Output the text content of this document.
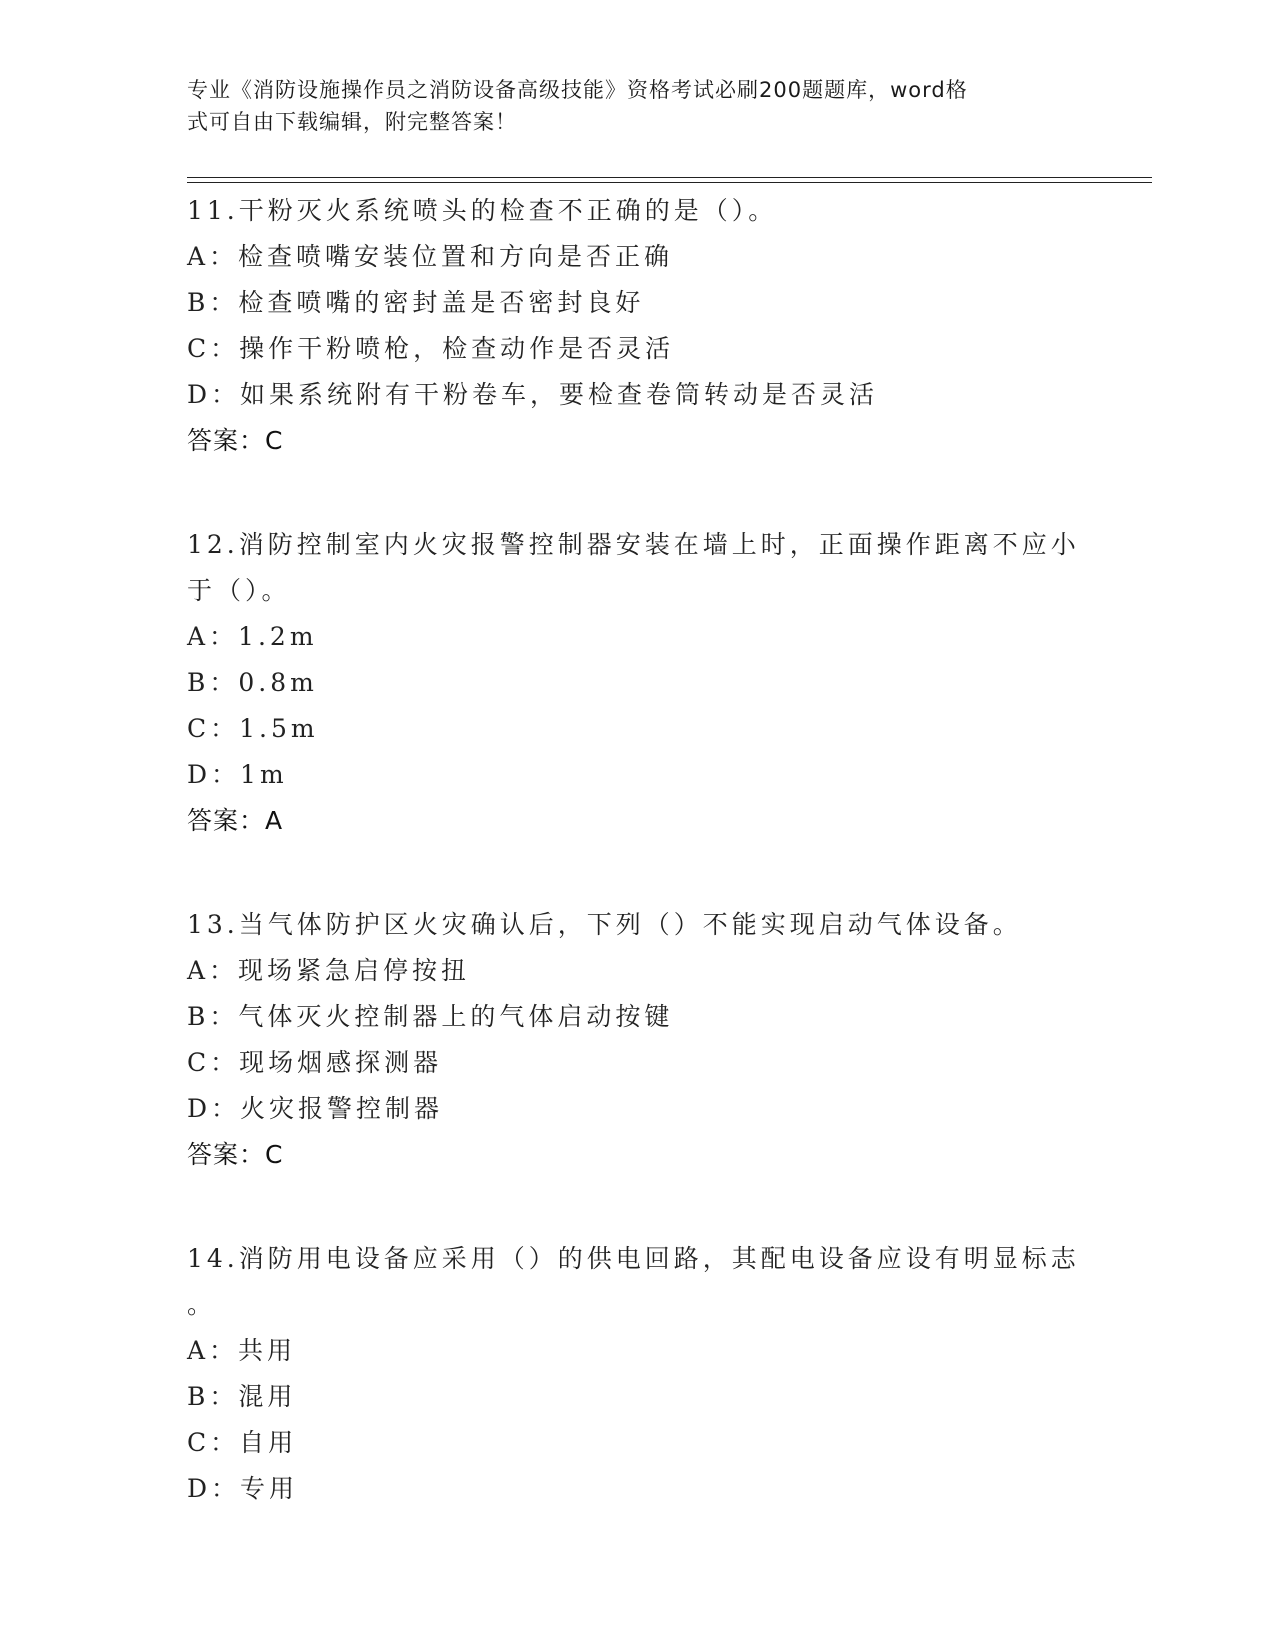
专业《消防设施操作员之消防设备高级技能》资格考试必刷200题题库，word格
式可自由下载编辑，附完整答案！
11.干粉灭火系统喷头的检查不正确的是（）。
A：检查喷嘴安装位置和方向是否正确
B：检查喷嘴的密封盖是否密封良好
C：操作干粉喷枪，检查动作是否灵活
D：如果系统附有干粉卷车，要检查卷筒转动是否灵活
答案：C
12.消防控制室内火灾报警控制器安装在墙上时，正面操作距离不应小
于（）。
A：1.2m
B：0.8m
C：1.5m
D：1m
答案：A
13.当气体防护区火灾确认后，下列（）不能实现启动气体设备。
A：现场紧急启停按扭
B：气体灭火控制器上的气体启动按键
C：现场烟感探测器
D：火灾报警控制器
答案：C
14.消防用电设备应采用（）的供电回路，其配电设备应设有明显标志
。
A：共用
B：混用
C：自用
D：专用
